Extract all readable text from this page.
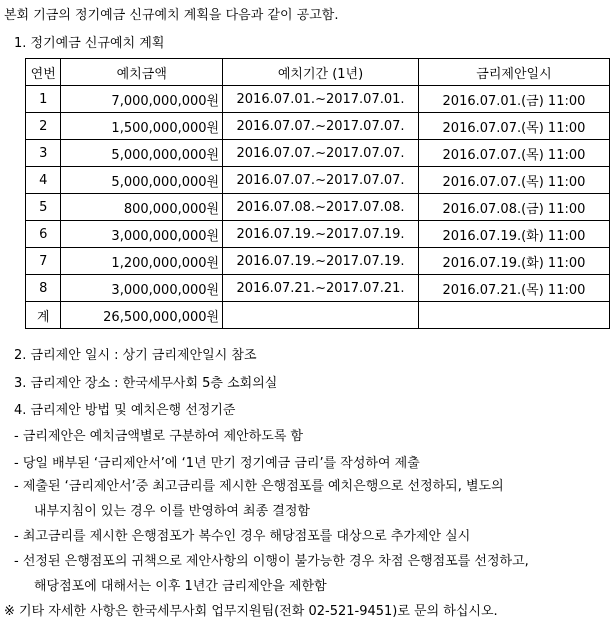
본회 기금의 정기예금 신규예치 계획을 다음과 같이 공고함.
1. 정기예금 신규예치 계획
연번	예치금액	예치기간 (1년)	금리제안일시
1	7,000,000,000원	2016.07.01.~2017.07.01.	2016.07.01.(금) 11:00
2	1,500,000,000원	2016.07.07.~2017.07.07.	2016.07.07.(목) 11:00
3	5,000,000,000원	2016.07.07.~2017.07.07.	2016.07.07.(목) 11:00
4	5,000,000,000원	2016.07.07.~2017.07.07.	2016.07.07.(목) 11:00
5	800,000,000원	2016.07.08.~2017.07.08.	2016.07.08.(금) 11:00
6	3,000,000,000원	2016.07.19.~2017.07.19.	2016.07.19.(화) 11:00
7	1,200,000,000원	2016.07.19.~2017.07.19.	2016.07.19.(화) 11:00
8	3,000,000,000원	2016.07.21.~2017.07.21.	2016.07.21.(목) 11:00
계	26,500,000,000원		
2. 금리제안 일시 : 상기 금리제안일시 참조
3. 금리제안 장소 : 한국세무사회 5층 소회의실
4. 금리제안 방법 및 예치은행 선정기준
- 금리제안은 예치금액별로 구분하여 제안하도록 함
- 당일 배부된 ‘금리제안서’에 ‘1년 만기 정기예금 금리’를 작성하여 제출
- 제출된 ‘금리제안서’중 최고금리를 제시한 은행점포를 예치은행으로 선정하되, 별도의
내부지침이 있는 경우 이를 반영하여 최종 결정함
- 최고금리를 제시한 은행점포가 복수인 경우 해당점포를 대상으로 추가제안 실시
- 선정된 은행점포의 귀책으로 제안사항의 이행이 불가능한 경우 차점 은행점포를 선정하고,
해당점포에 대해서는 이후 1년간 금리제안을 제한함
※ 기타 자세한 사항은 한국세무사회 업무지원팀(전화 02-521-9451)로 문의 하십시오.
